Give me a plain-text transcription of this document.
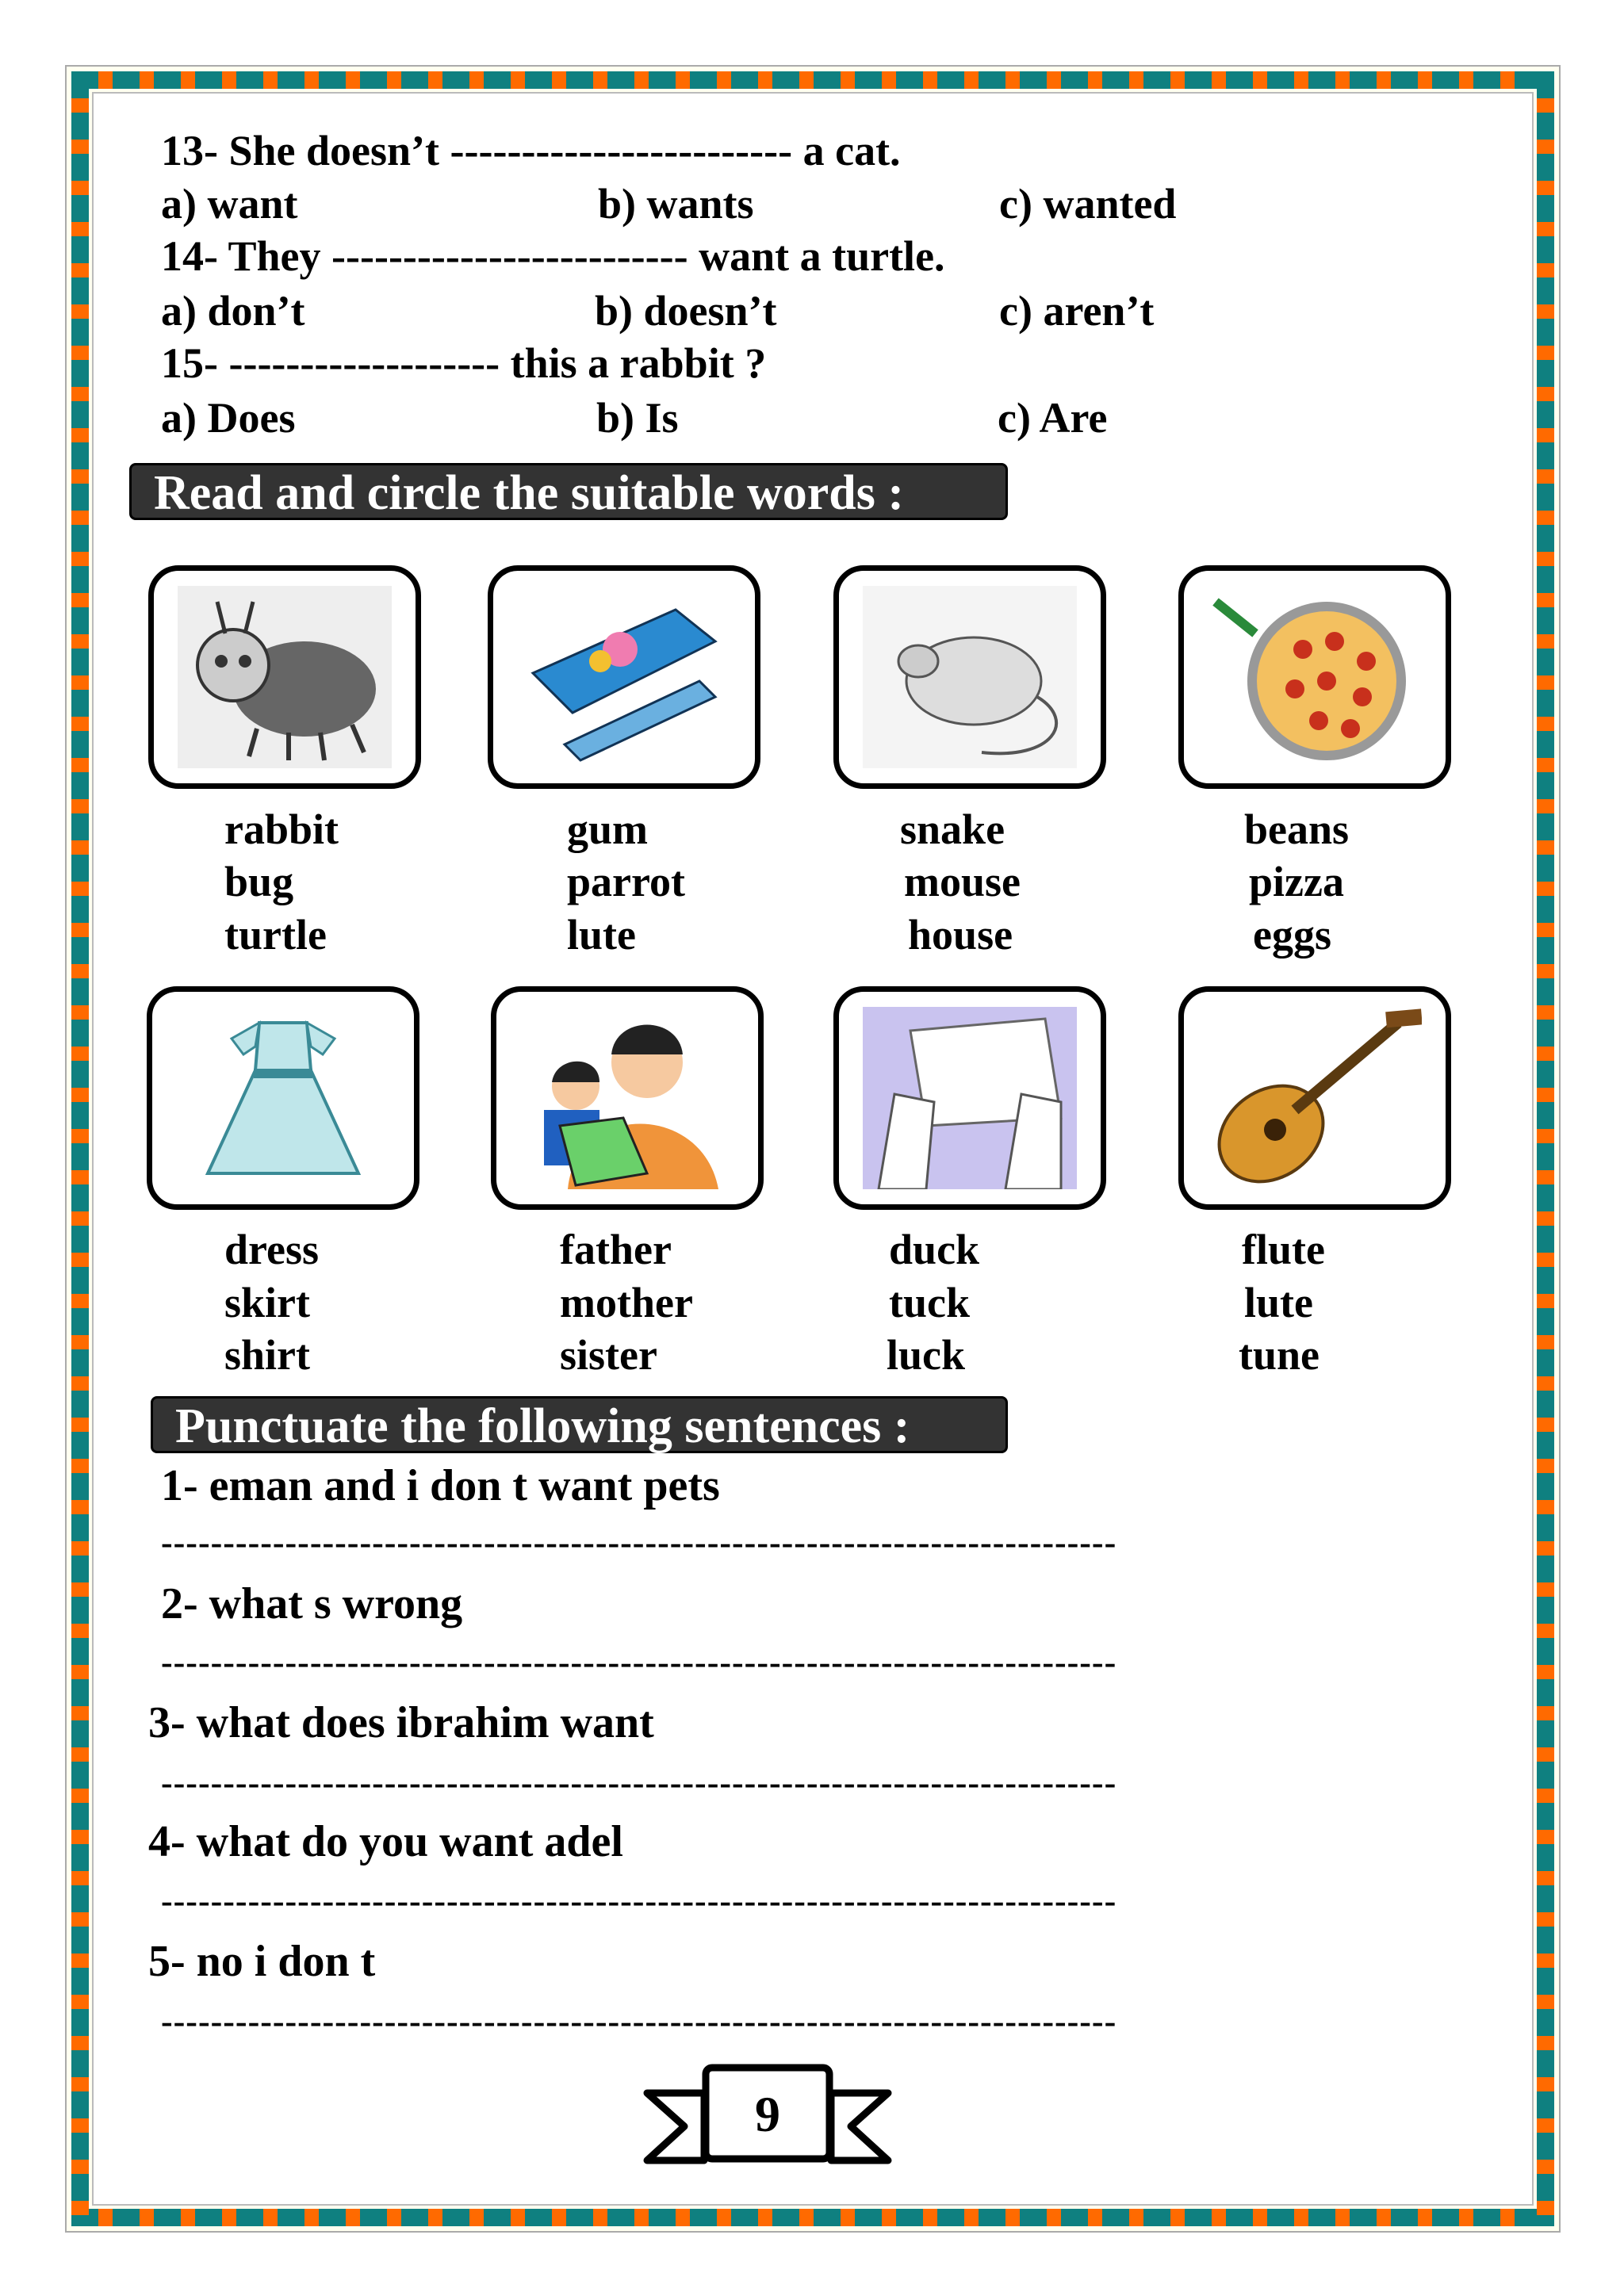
13- She doesn’t ------------------------ a cat.
a) want	b) wants	c) wanted
14- They ------------------------- want a turtle.
a) don’t	b) doesn’t	c) aren’t
15- ------------------- this a rabbit ?
a) Does	b) Is	c) Are
Read and circle the suitable words :
rabbit
bug
turtle
gum
parrot
lute
snake
mouse
house
beans
pizza
eggs
dress
skirt
shirt
father
mother
sister
duck
tuck
luck
flute
lute
tune
Punctuate the following sentences :
1- eman and i don t want pets
-----------------------------------------------------------------------------
2- what s wrong
-----------------------------------------------------------------------------
3- what does ibrahim want
-----------------------------------------------------------------------------
4- what do you want adel
-----------------------------------------------------------------------------
5- no i don t
-----------------------------------------------------------------------------
9
